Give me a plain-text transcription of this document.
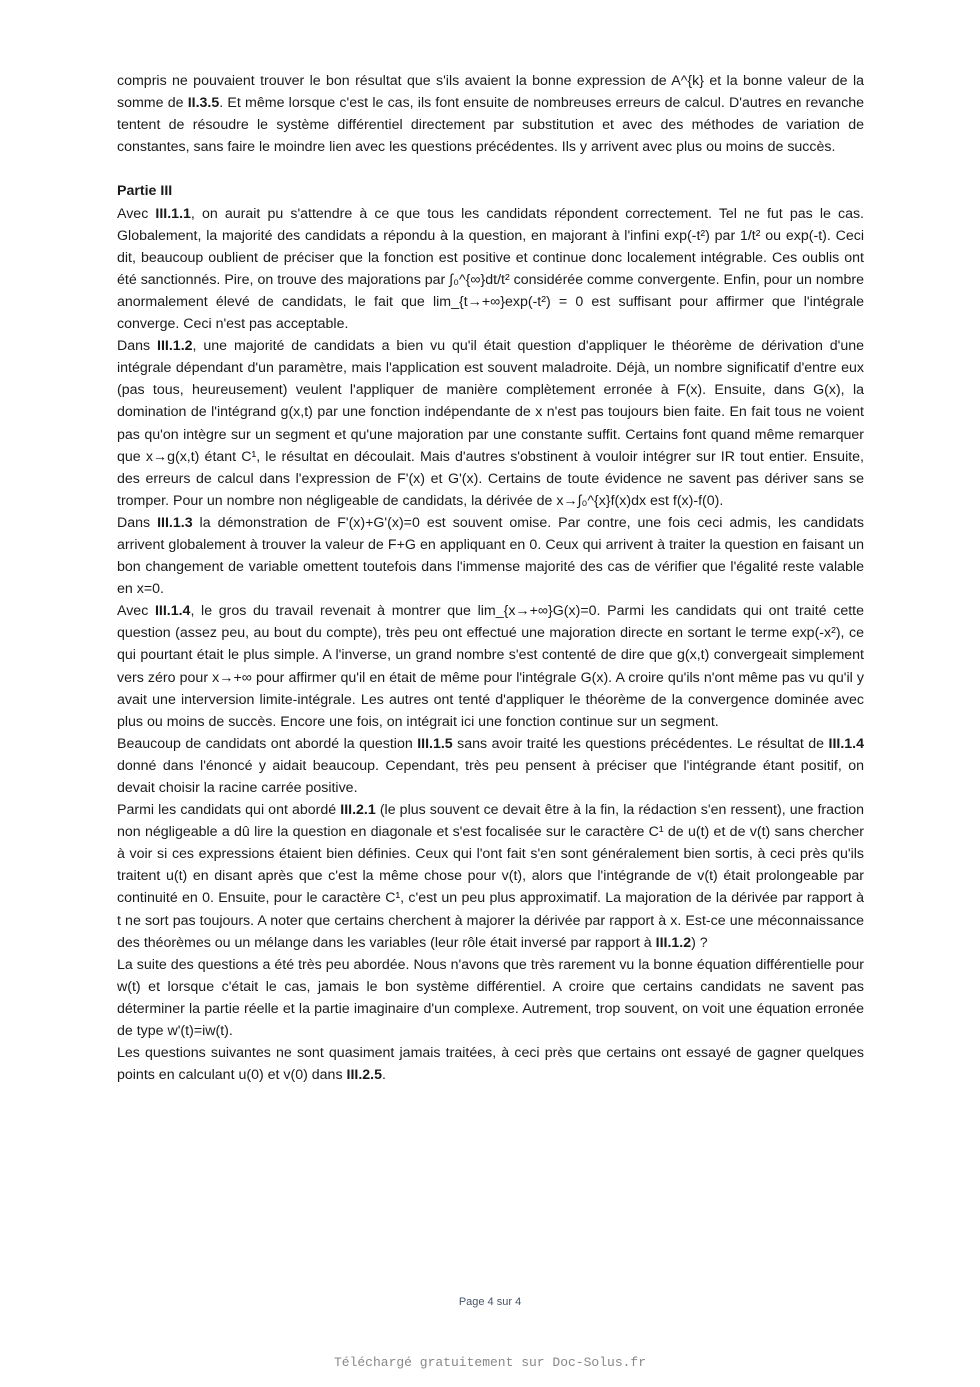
compris ne pouvaient trouver le bon résultat que s'ils avaient la bonne expression de A^{k} et la bonne valeur de la somme de II.3.5. Et même lorsque c'est le cas, ils font ensuite de nombreuses erreurs de calcul. D'autres en revanche tentent de résoudre le système différentiel directement par substitution et avec des méthodes de variation de constantes, sans faire le moindre lien avec les questions précédentes. Ils y arrivent avec plus ou moins de succès.

Partie III

Avec III.1.1, on aurait pu s'attendre à ce que tous les candidats répondent correctement. Tel ne fut pas le cas. Globalement, la majorité des candidats a répondu à la question, en majorant à l'infini exp(-t²) par 1/t² ou exp(-t). Ceci dit, beaucoup oublient de préciser que la fonction est positive et continue donc localement intégrable. Ces oublis ont été sanctionnés. Pire, on trouve des majorations par ∫₀^{∞}dt/t² considérée comme convergente. Enfin, pour un nombre anormalement élevé de candidats, le fait que lim_{t→+∞}exp(-t²) = 0 est suffisant pour affirmer que l'intégrale converge. Ceci n'est pas acceptable.

Dans III.1.2, une majorité de candidats a bien vu qu'il était question d'appliquer le théorème de dérivation d'une intégrale dépendant d'un paramètre, mais l'application est souvent maladroite. Déjà, un nombre significatif d'entre eux (pas tous, heureusement) veulent l'appliquer de manière complètement erronée à F(x). Ensuite, dans G(x), la domination de l'intégrand g(x,t) par une fonction indépendante de x n'est pas toujours bien faite. En fait tous ne voient pas qu'on intègre sur un segment et qu'une majoration par une constante suffit. Certains font quand même remarquer que x→g(x,t) étant C¹, le résultat en découlait. Mais d'autres s'obstinent à vouloir intégrer sur IR tout entier. Ensuite, des erreurs de calcul dans l'expression de F'(x) et G'(x). Certains de toute évidence ne savent pas dériver sans se tromper. Pour un nombre non négligeable de candidats, la dérivée de x→∫₀^{x}f(x)dx est f(x)-f(0).

Dans III.1.3 la démonstration de F'(x)+G'(x)=0 est souvent omise. Par contre, une fois ceci admis, les candidats arrivent globalement à trouver la valeur de F+G en appliquant en 0. Ceux qui arrivent à traiter la question en faisant un bon changement de variable omettent toutefois dans l'immense majorité des cas de vérifier que l'égalité reste valable en x=0.

Avec III.1.4, le gros du travail revenait à montrer que lim_{x→+∞}G(x)=0. Parmi les candidats qui ont traité cette question (assez peu, au bout du compte), très peu ont effectué une majoration directe en sortant le terme exp(-x²), ce qui pourtant était le plus simple. A l'inverse, un grand nombre s'est contenté de dire que g(x,t) convergeait simplement vers zéro pour x→+∞ pour affirmer qu'il en était de même pour l'intégrale G(x). A croire qu'ils n'ont même pas vu qu'il y avait une interversion limite-intégrale. Les autres ont tenté d'appliquer le théorème de la convergence dominée avec plus ou moins de succès. Encore une fois, on intégrait ici une fonction continue sur un segment.

Beaucoup de candidats ont abordé la question III.1.5 sans avoir traité les questions précédentes. Le résultat de III.1.4 donné dans l'énoncé y aidait beaucoup. Cependant, très peu pensent à préciser que l'intégrande étant positif, on devait choisir la racine carrée positive.

Parmi les candidats qui ont abordé III.2.1 (le plus souvent ce devait être à la fin, la rédaction s'en ressent), une fraction non négligeable a dû lire la question en diagonale et s'est focalisée sur le caractère C¹ de u(t) et de v(t) sans chercher à voir si ces expressions étaient bien définies. Ceux qui l'ont fait s'en sont généralement bien sortis, à ceci près qu'ils traitent u(t) en disant après que c'est la même chose pour v(t), alors que l'intégrande de v(t) était prolongeable par continuité en 0. Ensuite, pour le caractère C¹, c'est un peu plus approximatif. La majoration de la dérivée par rapport à t ne sort pas toujours. A noter que certains cherchent à majorer la dérivée par rapport à x. Est-ce une méconnaissance des théorèmes ou un mélange dans les variables (leur rôle était inversé par rapport à III.1.2) ?

La suite des questions a été très peu abordée. Nous n'avons que très rarement vu la bonne équation différentielle pour w(t) et lorsque c'était le cas, jamais le bon système différentiel. A croire que certains candidats ne savent pas déterminer la partie réelle et la partie imaginaire d'un complexe. Autrement, trop souvent, on voit une équation erronée de type w'(t)=iw(t).

Les questions suivantes ne sont quasiment jamais traitées, à ceci près que certains ont essayé de gagner quelques points en calculant u(0) et v(0) dans III.2.5.

Page 4 sur 4
Téléchargé gratuitement sur Doc-Solus.fr
